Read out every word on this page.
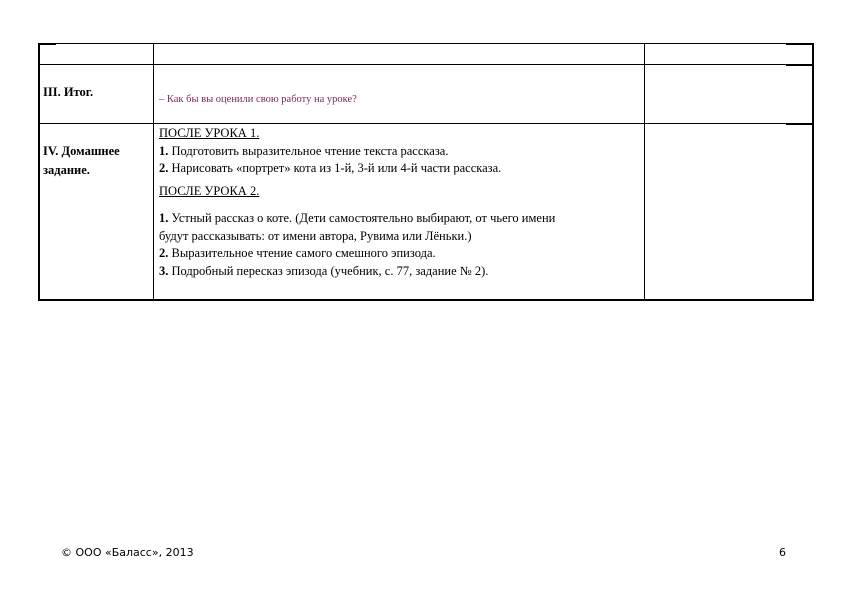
III. Итог.
– Как бы вы оценили свою работу на уроке?
IV. Домашнее задание.
ПОСЛЕ УРОКА 1.
1. Подготовить выразительное чтение текста рассказа.
2. Нарисовать «портрет» кота из 1-й, 3-й или 4-й части рассказа.
ПОСЛЕ УРОКА 2.
1. Устный рассказ о коте. (Дети самостоятельно выбирают, от чьего имени будут рассказывать: от имени автора, Рувима или Лёньки.)
2. Выразительное чтение самого смешного эпизода.
3. Подробный пересказ эпизода (учебник, с. 77, задание № 2).
© ООО «Баласс», 2013	6
